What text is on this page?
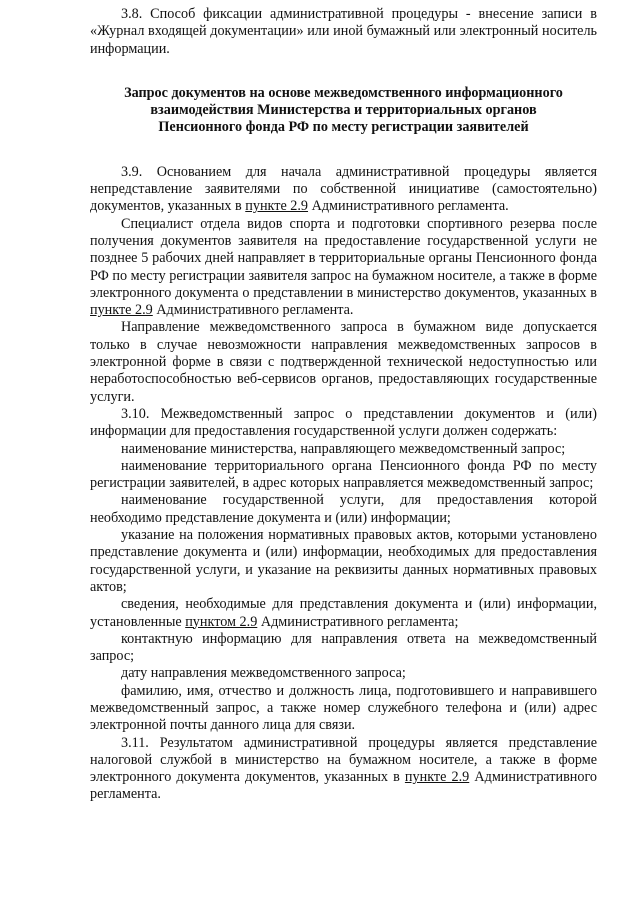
3.8. Способ фиксации административной процедуры - внесение записи в «Журнал входящей документации» или иной бумажный или электронный носитель информации.

Запрос документов на основе межведомственного информационного
взаимодействия Министерства и территориальных органов
Пенсионного фонда РФ по месту регистрации заявителей

3.9. Основанием для начала административной процедуры является непредставление заявителями по собственной инициативе (самостоятельно) документов, указанных в пункте 2.9 Административного регламента.

Специалист отдела видов спорта и подготовки спортивного резерва после получения документов заявителя на предоставление государственной услуги не позднее 5 рабочих дней направляет в территориальные органы Пенсионного фонда РФ по месту регистрации заявителя запрос на бумажном носителе, а также в форме электронного документа о представлении в министерство документов, указанных в пункте 2.9 Административного регламента.

Направление межведомственного запроса в бумажном виде допускается только в случае невозможности направления межведомственных запросов в электронной форме в связи с подтвержденной технической недоступностью или неработоспособностью веб-сервисов органов, предоставляющих государственные услуги.

3.10. Межведомственный запрос о представлении документов и (или) информации для предоставления государственной услуги должен содержать:

наименование министерства, направляющего межведомственный запрос;

наименование территориального органа Пенсионного фонда РФ по месту регистрации заявителей, в адрес которых направляется межведомственный запрос;

наименование государственной услуги, для предоставления которой необходимо представление документа и (или) информации;

указание на положения нормативных правовых актов, которыми установлено представление документа и (или) информации, необходимых для предоставления государственной услуги, и указание на реквизиты данных нормативных правовых актов;

сведения, необходимые для представления документа и (или) информации, установленные пунктом 2.9 Административного регламента;

контактную информацию для направления ответа на межведомственный запрос;

дату направления межведомственного запроса;

фамилию, имя, отчество и должность лица, подготовившего и направившего межведомственный запрос, а также номер служебного телефона и (или) адрес электронной почты данного лица для связи.

3.11. Результатом административной процедуры является представление налоговой службой в министерство на бумажном носителе, а также в форме электронного документа документов, указанных в пункте 2.9 Административного регламента.
